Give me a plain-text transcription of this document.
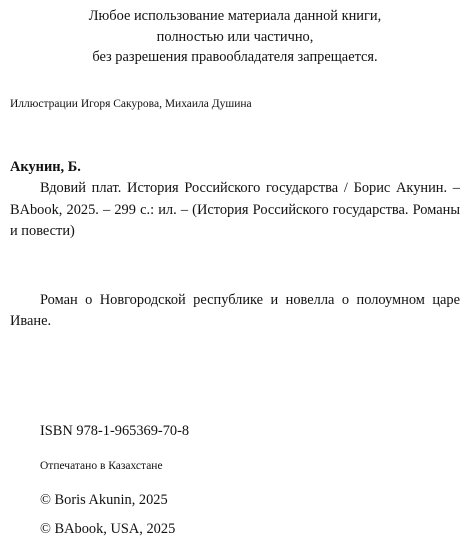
Любое использование материала данной книги,
полностью или частично,
без разрешения правообладателя запрещается.
Иллюстрации Игоря Сакурова, Михаила Душина
Акунин, Б.

Вдовий плат. История Российского государства / Борис Акунин. – BAbook, 2025. – 299 с.: ил. – (История Российского государства. Романы и повести)

Роман о Новгородской республике и новелла о полоумном царе Иване.

ISBN 978-1-965369-70-8
Отпечатано в Казахстане
© Boris Akunin, 2025
© BAbook, USA, 2025
